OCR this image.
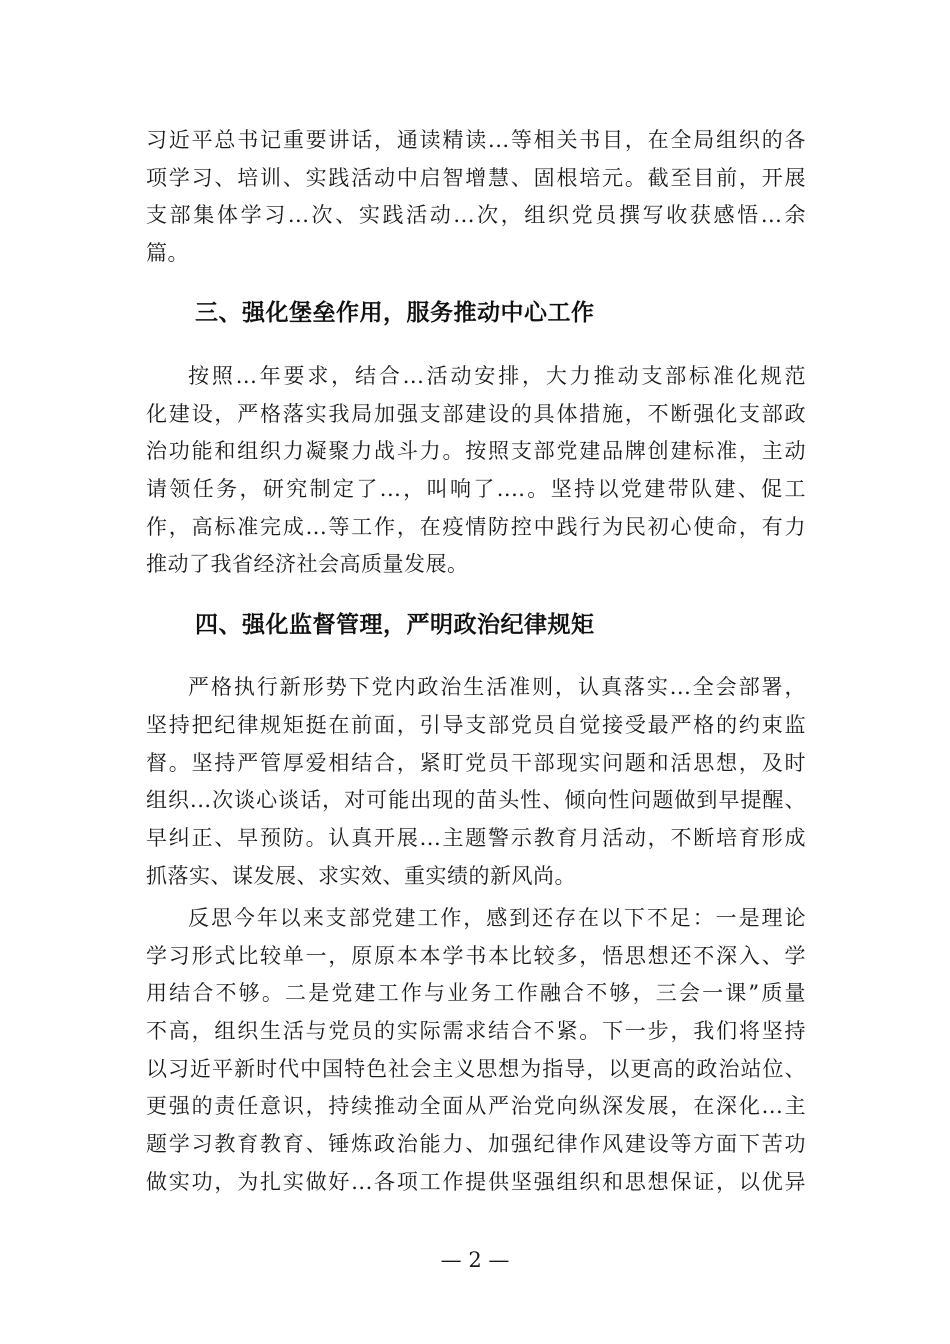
习近平总书记重要讲话，通读精读...等相关书目，在全局组织的各
项学习、培训、实践活动中启智增慧、固根培元。截至目前，开展
支部集体学习...次、实践活动...次，组织党员撰写收获感悟...余
篇。
三、强化堡垒作用，服务推动中心工作
按照...年要求，结合...活动安排，大力推动支部标准化规范
化建设，严格落实我局加强支部建设的具体措施，不断强化支部政
治功能和组织力凝聚力战斗力。按照支部党建品牌创建标准，主动
请领任务，研究制定了...，叫响了....。坚持以党建带队建、促工
作，高标准完成...等工作，在疫情防控中践行为民初心使命，有力
推动了我省经济社会高质量发展。
四、强化监督管理，严明政治纪律规矩
严格执行新形势下党内政治生活准则，认真落实...全会部署，
坚持把纪律规矩挺在前面，引导支部党员自觉接受最严格的约束监
督。坚持严管厚爱相结合，紧盯党员干部现实问题和活思想，及时
组织...次谈心谈话，对可能出现的苗头性、倾向性问题做到早提醒、
早纠正、早预防。认真开展...主题警示教育月活动，不断培育形成
抓落实、谋发展、求实效、重实绩的新风尚。
反思今年以来支部党建工作，感到还存在以下不足：一是理论
学习形式比较单一，原原本本学书本比较多，悟思想还不深入、学
用结合不够。二是党建工作与业务工作融合不够，三会一课”质量
不高，组织生活与党员的实际需求结合不紧。下一步，我们将坚持
以习近平新时代中国特色社会主义思想为指导，以更高的政治站位、
更强的责任意识，持续推动全面从严治党向纵深发展，在深化...主
题学习教育教育、锤炼政治能力、加强纪律作风建设等方面下苦功
做实功，为扎实做好...各项工作提供坚强组织和思想保证，以优异
— 2 —
